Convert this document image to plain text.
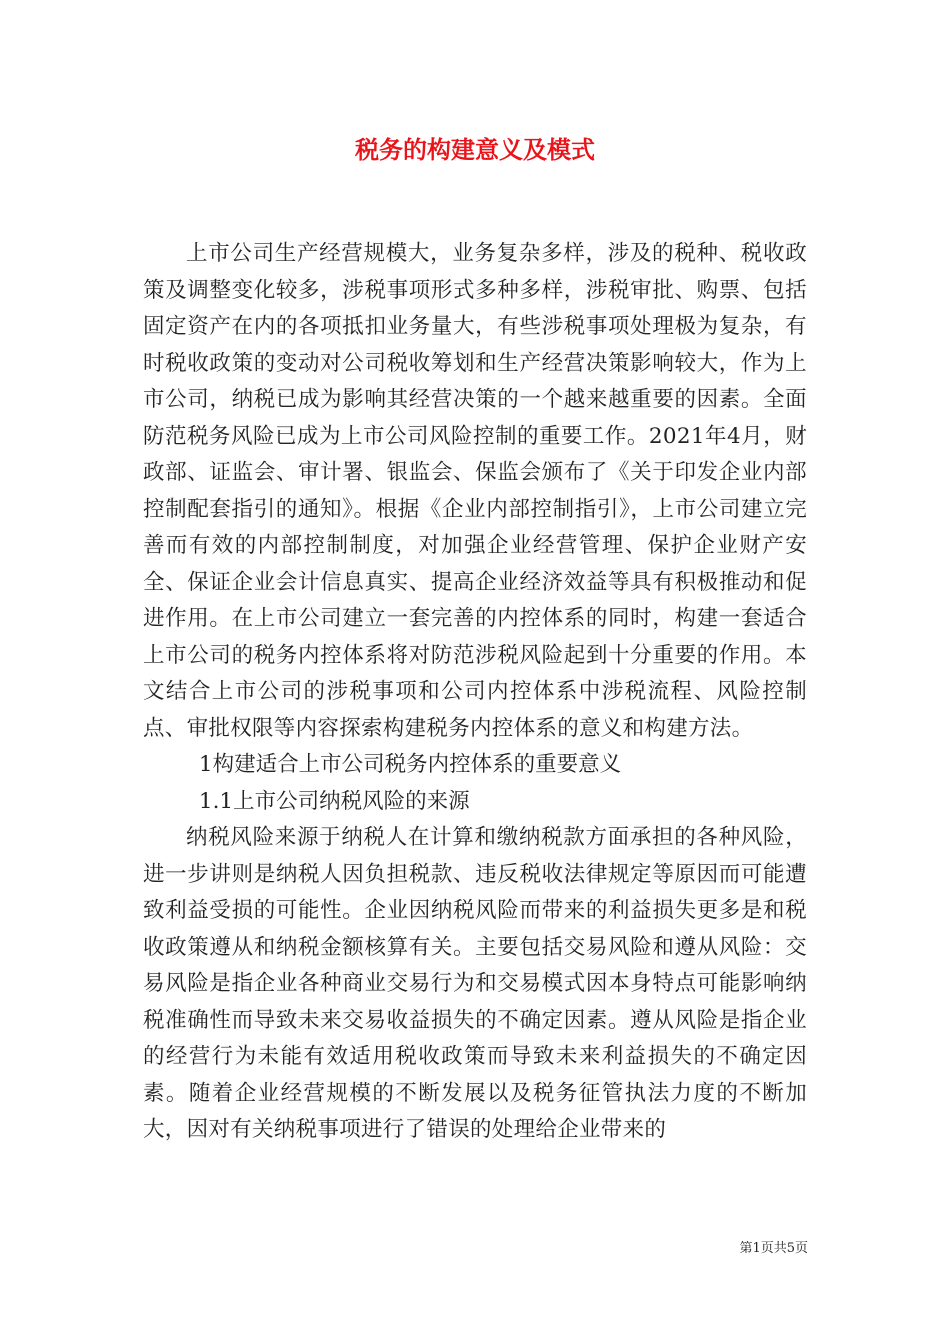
税务的构建意义及模式

上市公司生产经营规模大，业务复杂多样，涉及的税种、税收政策及调整变化较多，涉税事项形式多种多样，涉税审批、购票、包括固定资产在内的各项抵扣业务量大，有些涉税事项处理极为复杂，有时税收政策的变动对公司税收筹划和生产经营决策影响较大，作为上市公司，纳税已成为影响其经营决策的一个越来越重要的因素。全面防范税务风险已成为上市公司风险控制的重要工作。2021年4月，财政部、证监会、审计署、银监会、保监会颁布了《关于印发企业内部控制配套指引的通知》。根据《企业内部控制指引》，上市公司建立完善而有效的内部控制制度，对加强企业经营管理、保护企业财产安全、保证企业会计信息真实、提高企业经济效益等具有积极推动和促进作用。在上市公司建立一套完善的内控体系的同时，构建一套适合上市公司的税务内控体系将对防范涉税风险起到十分重要的作用。本文结合上市公司的涉税事项和公司内控体系中涉税流程、风险控制点、审批权限等内容探索构建税务内控体系的意义和构建方法。

1构建适合上市公司税务内控体系的重要意义

1.1上市公司纳税风险的来源

纳税风险来源于纳税人在计算和缴纳税款方面承担的各种风险，进一步讲则是纳税人因负担税款、违反税收法律规定等原因而可能遭致利益受损的可能性。企业因纳税风险而带来的利益损失更多是和税收政策遵从和纳税金额核算有关。主要包括交易风险和遵从风险：交易风险是指企业各种商业交易行为和交易模式因本身特点可能影响纳税准确性而导致未来交易收益损失的不确定因素。遵从风险是指企业的经营行为未能有效适用税收政策而导致未来利益损失的不确定因素。随着企业经营规模的不断发展以及税务征管执法力度的不断加大，因对有关纳税事项进行了错误的处理给企业带来的

第1页共5页
